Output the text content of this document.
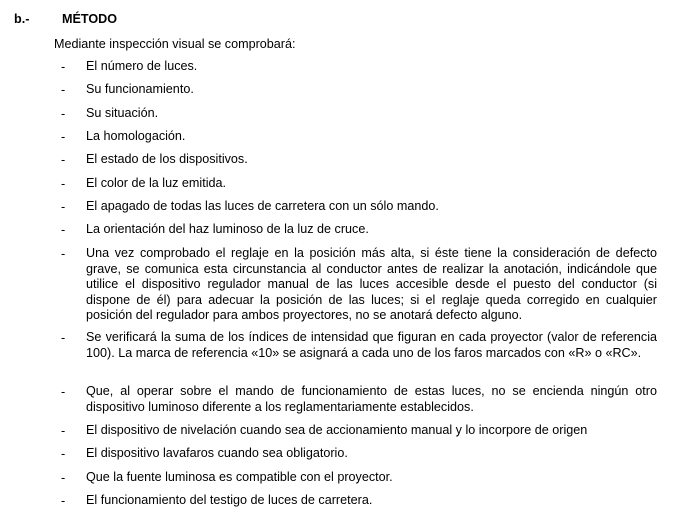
b.-	MÉTODO
Mediante inspección visual se comprobará:
- El número de luces.
- Su funcionamiento.
- Su situación.
- La homologación.
- El estado de los dispositivos.
- El color de la luz emitida.
- El apagado de todas las luces de carretera con un sólo mando.
- La orientación del haz luminoso de la luz de cruce.
- Una vez comprobado el reglaje en la posición más alta, si éste tiene la consideración de defecto grave, se comunica esta circunstancia al conductor antes de realizar la anotación, indicándole que utilice el dispositivo regulador manual de las luces accesible desde el puesto del conductor (si dispone de él) para adecuar la posición de las luces; si el reglaje queda corregido en cualquier posición del regulador para ambos proyectores, no se anotará defecto alguno.
- Se verificará la suma de los índices de intensidad que figuran en cada proyector (valor de referencia 100). La marca de referencia «10» se asignará a cada uno de los faros marcados con «R» o «RC».
- Que, al operar sobre el mando de funcionamiento de estas luces, no se encienda ningún otro dispositivo luminoso diferente a los reglamentariamente establecidos.
- El dispositivo de nivelación cuando sea de accionamiento manual y lo incorpore de origen
- El dispositivo lavafaros cuando sea obligatorio.
- Que la fuente luminosa es compatible con el proyector.
- El funcionamiento del testigo de luces de carretera.
